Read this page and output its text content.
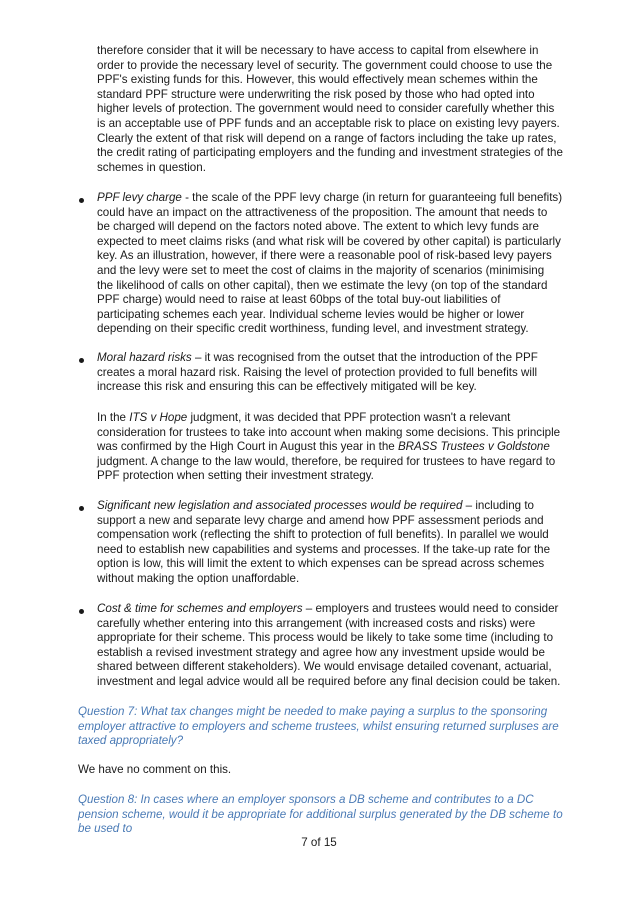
therefore consider that it will be necessary to have access to capital from elsewhere in order to provide the necessary level of security. The government could choose to use the PPF's existing funds for this. However, this would effectively mean schemes within the standard PPF structure were underwriting the risk posed by those who had opted into higher levels of protection. The government would need to consider carefully whether this is an acceptable use of PPF funds and an acceptable risk to place on existing levy payers. Clearly the extent of that risk will depend on a range of factors including the take up rates, the credit rating of participating employers and the funding and investment strategies of the schemes in question.

PPF levy charge - the scale of the PPF levy charge (in return for guaranteeing full benefits) could have an impact on the attractiveness of the proposition. The amount that needs to be charged will depend on the factors noted above. The extent to which levy funds are expected to meet claims risks (and what risk will be covered by other capital) is particularly key. As an illustration, however, if there were a reasonable pool of risk-based levy payers and the levy were set to meet the cost of claims in the majority of scenarios (minimising the likelihood of calls on other capital), then we estimate the levy (on top of the standard PPF charge) would need to raise at least 60bps of the total buy-out liabilities of participating schemes each year. Individual scheme levies would be higher or lower depending on their specific credit worthiness, funding level, and investment strategy.

Moral hazard risks – it was recognised from the outset that the introduction of the PPF creates a moral hazard risk. Raising the level of protection provided to full benefits will increase this risk and ensuring this can be effectively mitigated will be key.

In the ITS v Hope judgment, it was decided that PPF protection wasn't a relevant consideration for trustees to take into account when making some decisions. This principle was confirmed by the High Court in August this year in the BRASS Trustees v Goldstone judgment. A change to the law would, therefore, be required for trustees to have regard to PPF protection when setting their investment strategy.

Significant new legislation and associated processes would be required – including to support a new and separate levy charge and amend how PPF assessment periods and compensation work (reflecting the shift to protection of full benefits). In parallel we would need to establish new capabilities and systems and processes. If the take-up rate for the option is low, this will limit the extent to which expenses can be spread across schemes without making the option unaffordable.

Cost & time for schemes and employers – employers and trustees would need to consider carefully whether entering into this arrangement (with increased costs and risks) were appropriate for their scheme. This process would be likely to take some time (including to establish a revised investment strategy and agree how any investment upside would be shared between different stakeholders). We would envisage detailed covenant, actuarial, investment and legal advice would all be required before any final decision could be taken.

Question 7: What tax changes might be needed to make paying a surplus to the sponsoring employer attractive to employers and scheme trustees, whilst ensuring returned surpluses are taxed appropriately?

We have no comment on this.

Question 8: In cases where an employer sponsors a DB scheme and contributes to a DC pension scheme, would it be appropriate for additional surplus generated by the DB scheme to be used to

7 of 15
